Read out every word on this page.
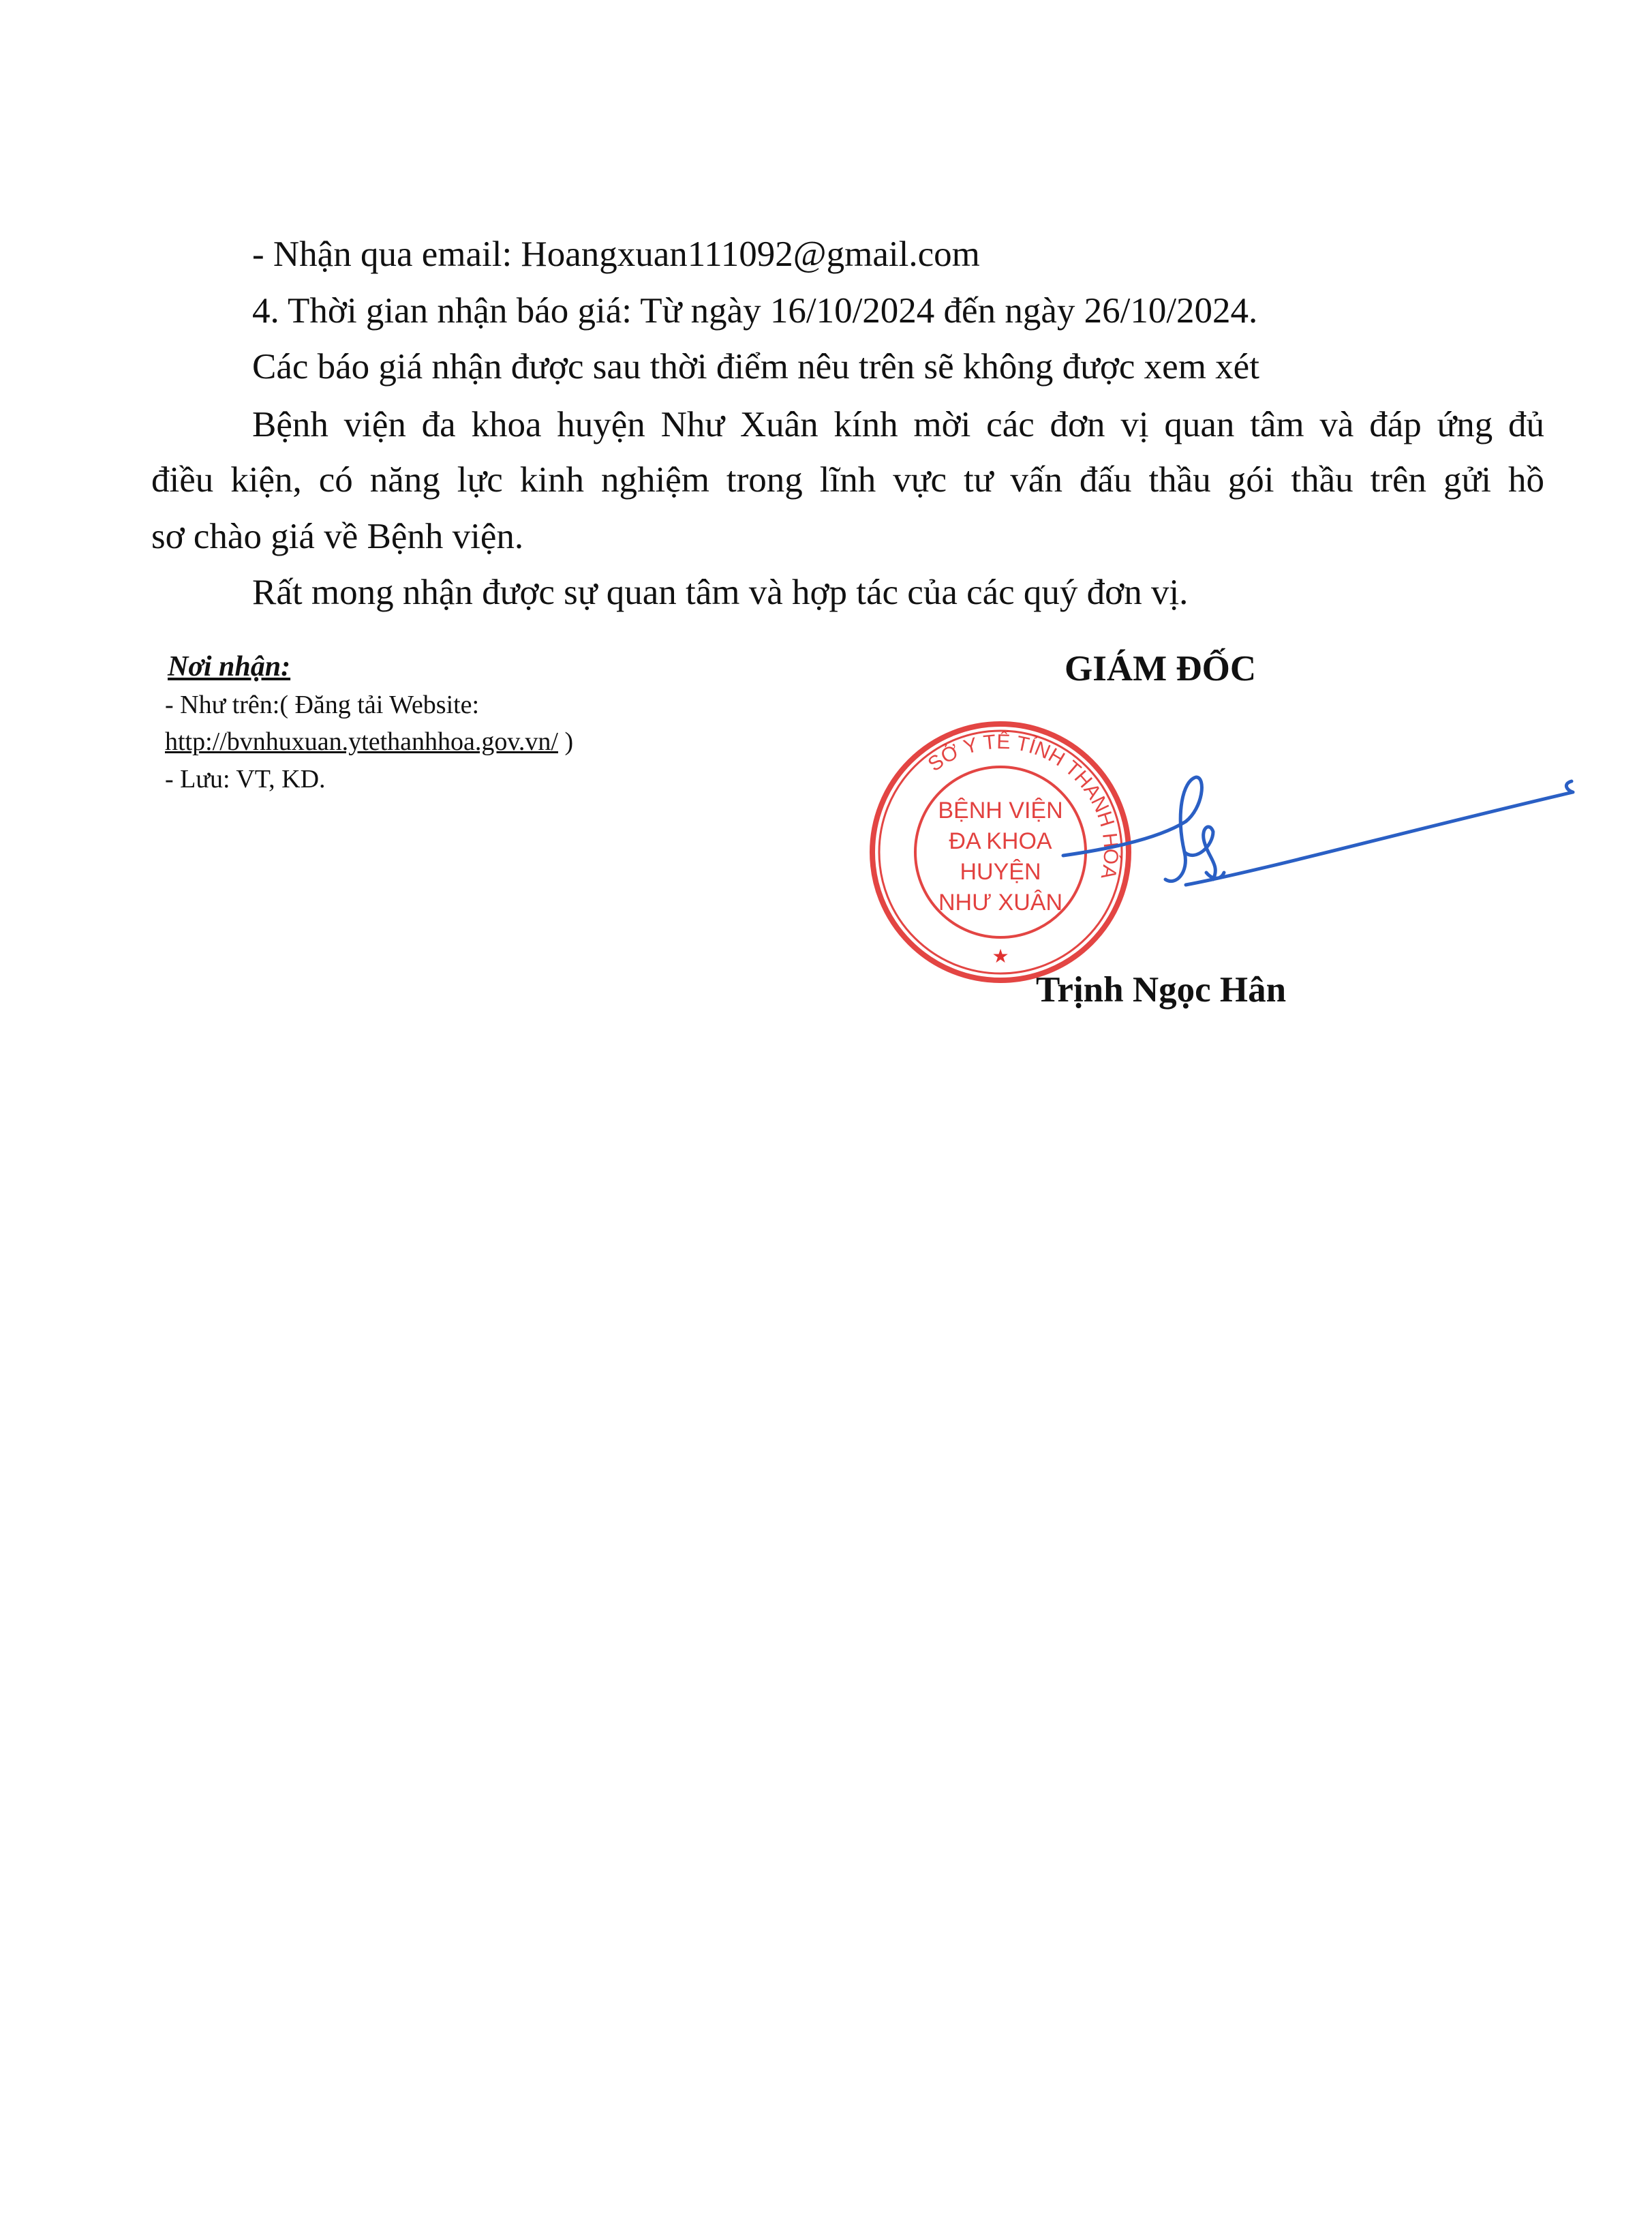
- Nhận qua email: Hoangxuan111092@gmail.com
4. Thời gian nhận báo giá: Từ ngày 16/10/2024 đến ngày 26/10/2024.
Các báo giá nhận được sau thời điểm nêu trên sẽ không được xem xét
Bệnh viện đa khoa huyện Như Xuân kính mời các đơn vị quan tâm và đáp ứng đủ
điều kiện, có năng lực kinh nghiệm trong lĩnh vực tư vấn đấu thầu gói thầu trên gửi hồ
sơ chào giá về Bệnh viện.
Rất mong nhận được sự quan tâm và hợp tác của các quý đơn vị.
Nơi nhận:
- Như trên:( Đăng tải Website:
http://bvnhuxuan.ytethanhhoa.gov.vn/ )
- Lưu: VT, KD.
GIÁM ĐỐC
SỞ Y TẾ TỈNH THANH HÓA
★
BỆNH VIỆN
ĐA KHOA
HUYỆN
NHƯ XUÂN
Trịnh Ngọc Hân
